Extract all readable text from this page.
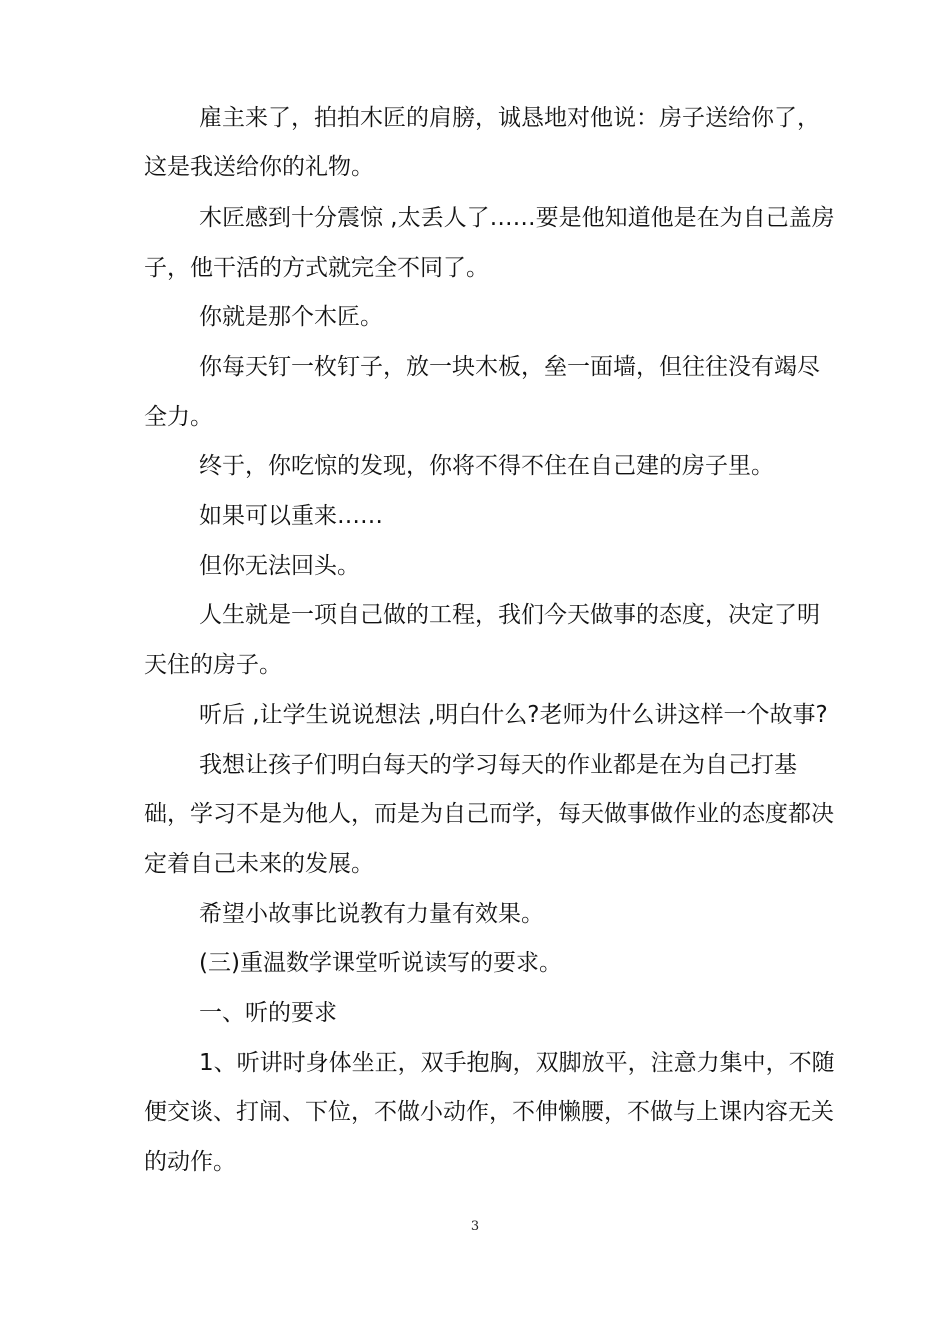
雇主来了，拍拍木匠的肩膀，诚恳地对他说：房子送给你了，
这是我送给你的礼物。
木匠感到十分震惊 ,太丢人了……要是他知道他是在为自己盖房
子，他干活的方式就完全不同了。
你就是那个木匠。
你每天钉一枚钉子，放一块木板，垒一面墙，但往往没有竭尽
全力。
终于，你吃惊的发现，你将不得不住在自己建的房子里。
如果可以重来……
但你无法回头。
人生就是一项自己做的工程，我们今天做事的态度，决定了明
天住的房子。
听后 ,让学生说说想法 ,明白什么?老师为什么讲这样一个故事?
我想让孩子们明白每天的学习每天的作业都是在为自己打基
础，学习不是为他人，而是为自己而学，每天做事做作业的态度都决
定着自己未来的发展。
希望小故事比说教有力量有效果。
(三)重温数学课堂听说读写的要求。
一、听的要求
1、听讲时身体坐正，双手抱胸，双脚放平，注意力集中，不随
便交谈、打闹、下位，不做小动作，不伸懒腰，不做与上课内容无关
的动作。
3
